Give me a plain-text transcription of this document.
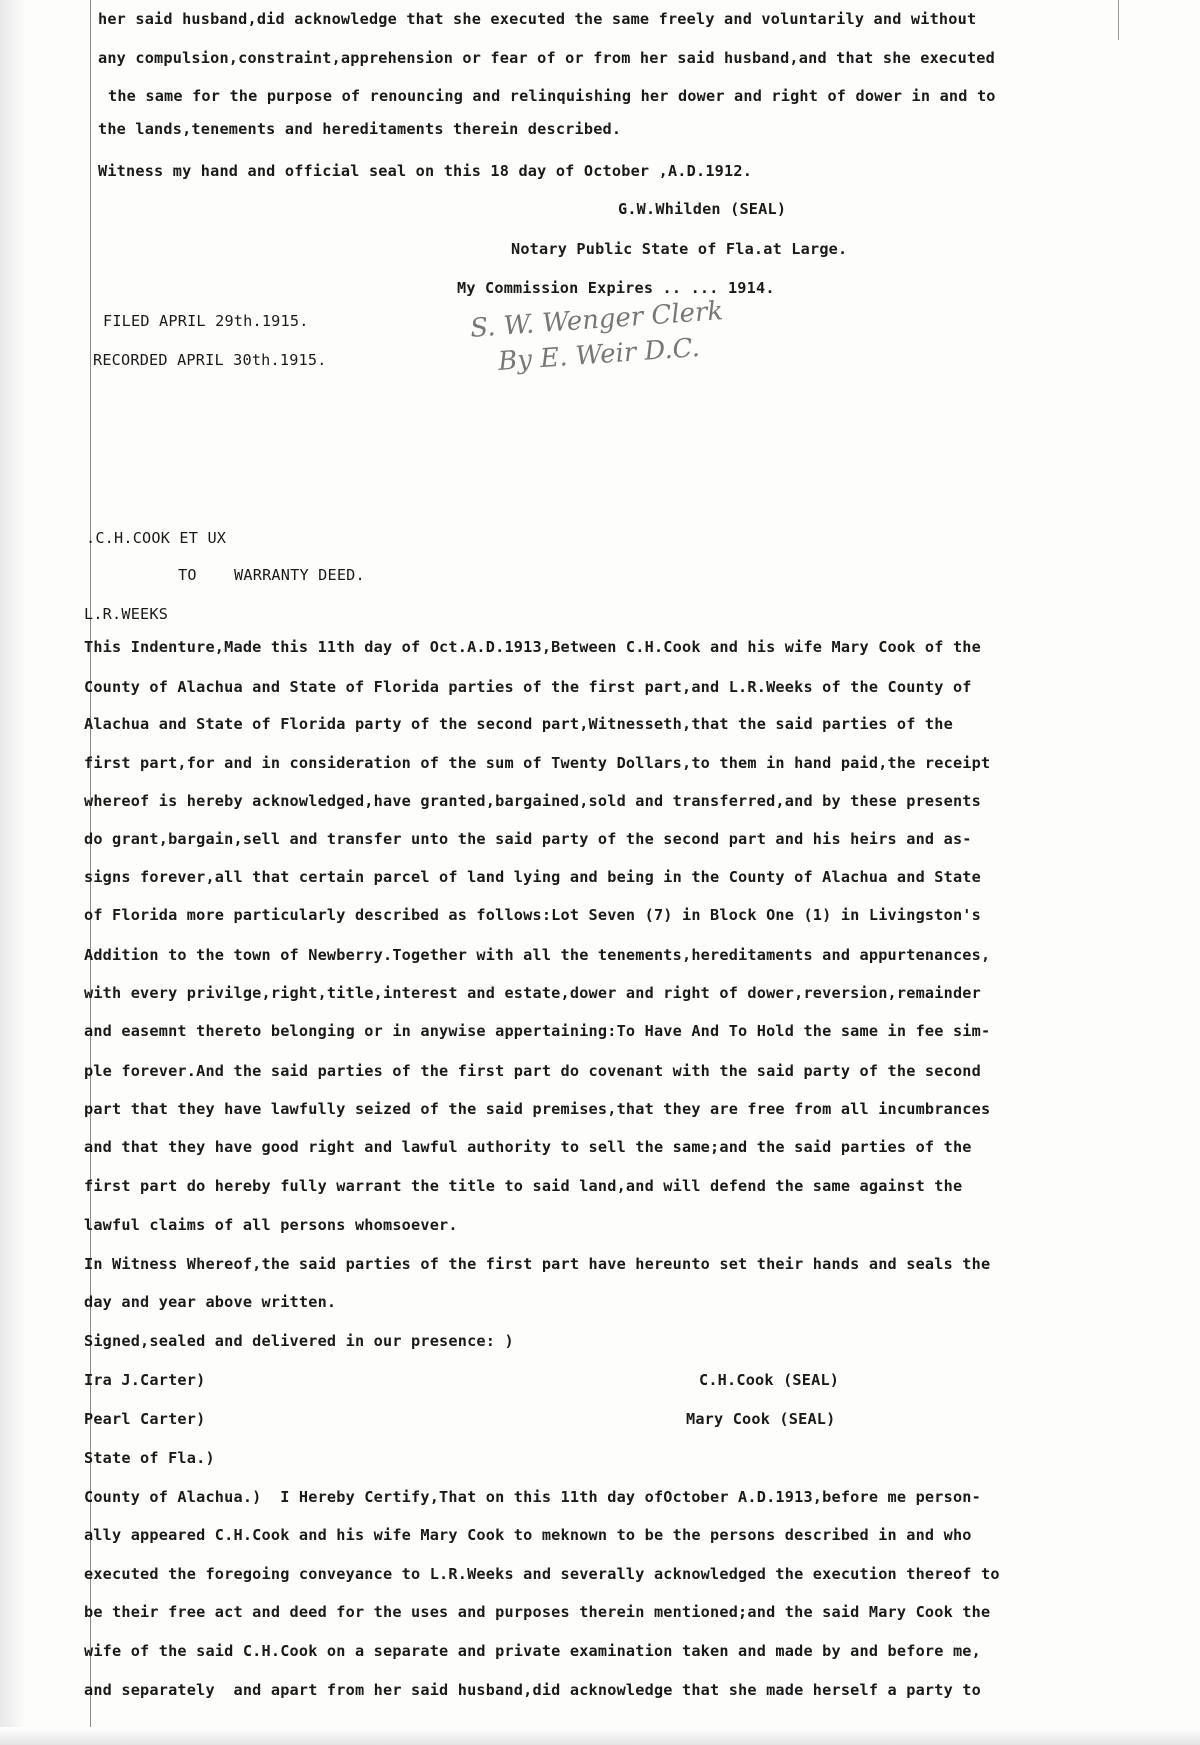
her said husband,did acknowledge that she executed the same freely and voluntarily and without
any compulsion,constraint,apprehension or fear of or from her said husband,and that she executed
the same for the purpose of renouncing and relinquishing her dower and right of dower in and to
the lands,tenements and hereditaments therein described.
Witness my hand and official seal on this 18 day of October ,A.D.1912.
G.W.Whilden (SEAL)
Notary Public State of Fla.at Large.
My Commission Expires .. ... 1914.
FILED APRIL 29th.1915.
RECORDED APRIL 30th.1915.
S. W. Wenger Clerk
By E. Weir D.C.
.C.H.COOK ET UX
TO    WARRANTY DEED.
L.R.WEEKS
This Indenture,Made this 11th day of Oct.A.D.1913,Between C.H.Cook and his wife Mary Cook of the
County of Alachua and State of Florida parties of the first part,and L.R.Weeks of the County of
Alachua and State of Florida party of the second part,Witnesseth,that the said parties of the
first part,for and in consideration of the sum of Twenty Dollars,to them in hand paid,the receipt
whereof is hereby acknowledged,have granted,bargained,sold and transferred,and by these presents
do grant,bargain,sell and transfer unto the said party of the second part and his heirs and as-
signs forever,all that certain parcel of land lying and being in the County of Alachua and State
of Florida more particularly described as follows:Lot Seven (7) in Block One (1) in Livingston's
Addition to the town of Newberry.Together with all the tenements,hereditaments and appurtenances,
with every privilge,right,title,interest and estate,dower and right of dower,reversion,remainder
and easemnt thereto belonging or in anywise appertaining:To Have And To Hold the same in fee sim-
ple forever.And the said parties of the first part do covenant with the said party of the second
part that they have lawfully seized of the said premises,that they are free from all incumbrances
and that they have good right and lawful authority to sell the same;and the said parties of the
first part do hereby fully warrant the title to said land,and will defend the same against the
lawful claims of all persons whomsoever.
In Witness Whereof,the said parties of the first part have hereunto set their hands and seals the
day and year above written.
Signed,sealed and delivered in our presence: )
Ira J.Carter)	C.H.Cook (SEAL)
Pearl Carter)	Mary Cook (SEAL)
State of Fla.)
County of Alachua.)  I Hereby Certify,That on this 11th day ofOctober A.D.1913,before me person-
ally appeared C.H.Cook and his wife Mary Cook to meknown to be the persons described in and who
executed the foregoing conveyance to L.R.Weeks and severally acknowledged the execution thereof to
be their free act and deed for the uses and purposes therein mentioned;and the said Mary Cook the
wife of the said C.H.Cook on a separate and private examination taken and made by and before me,
and separately  and apart from her said husband,did acknowledge that she made herself a party to
